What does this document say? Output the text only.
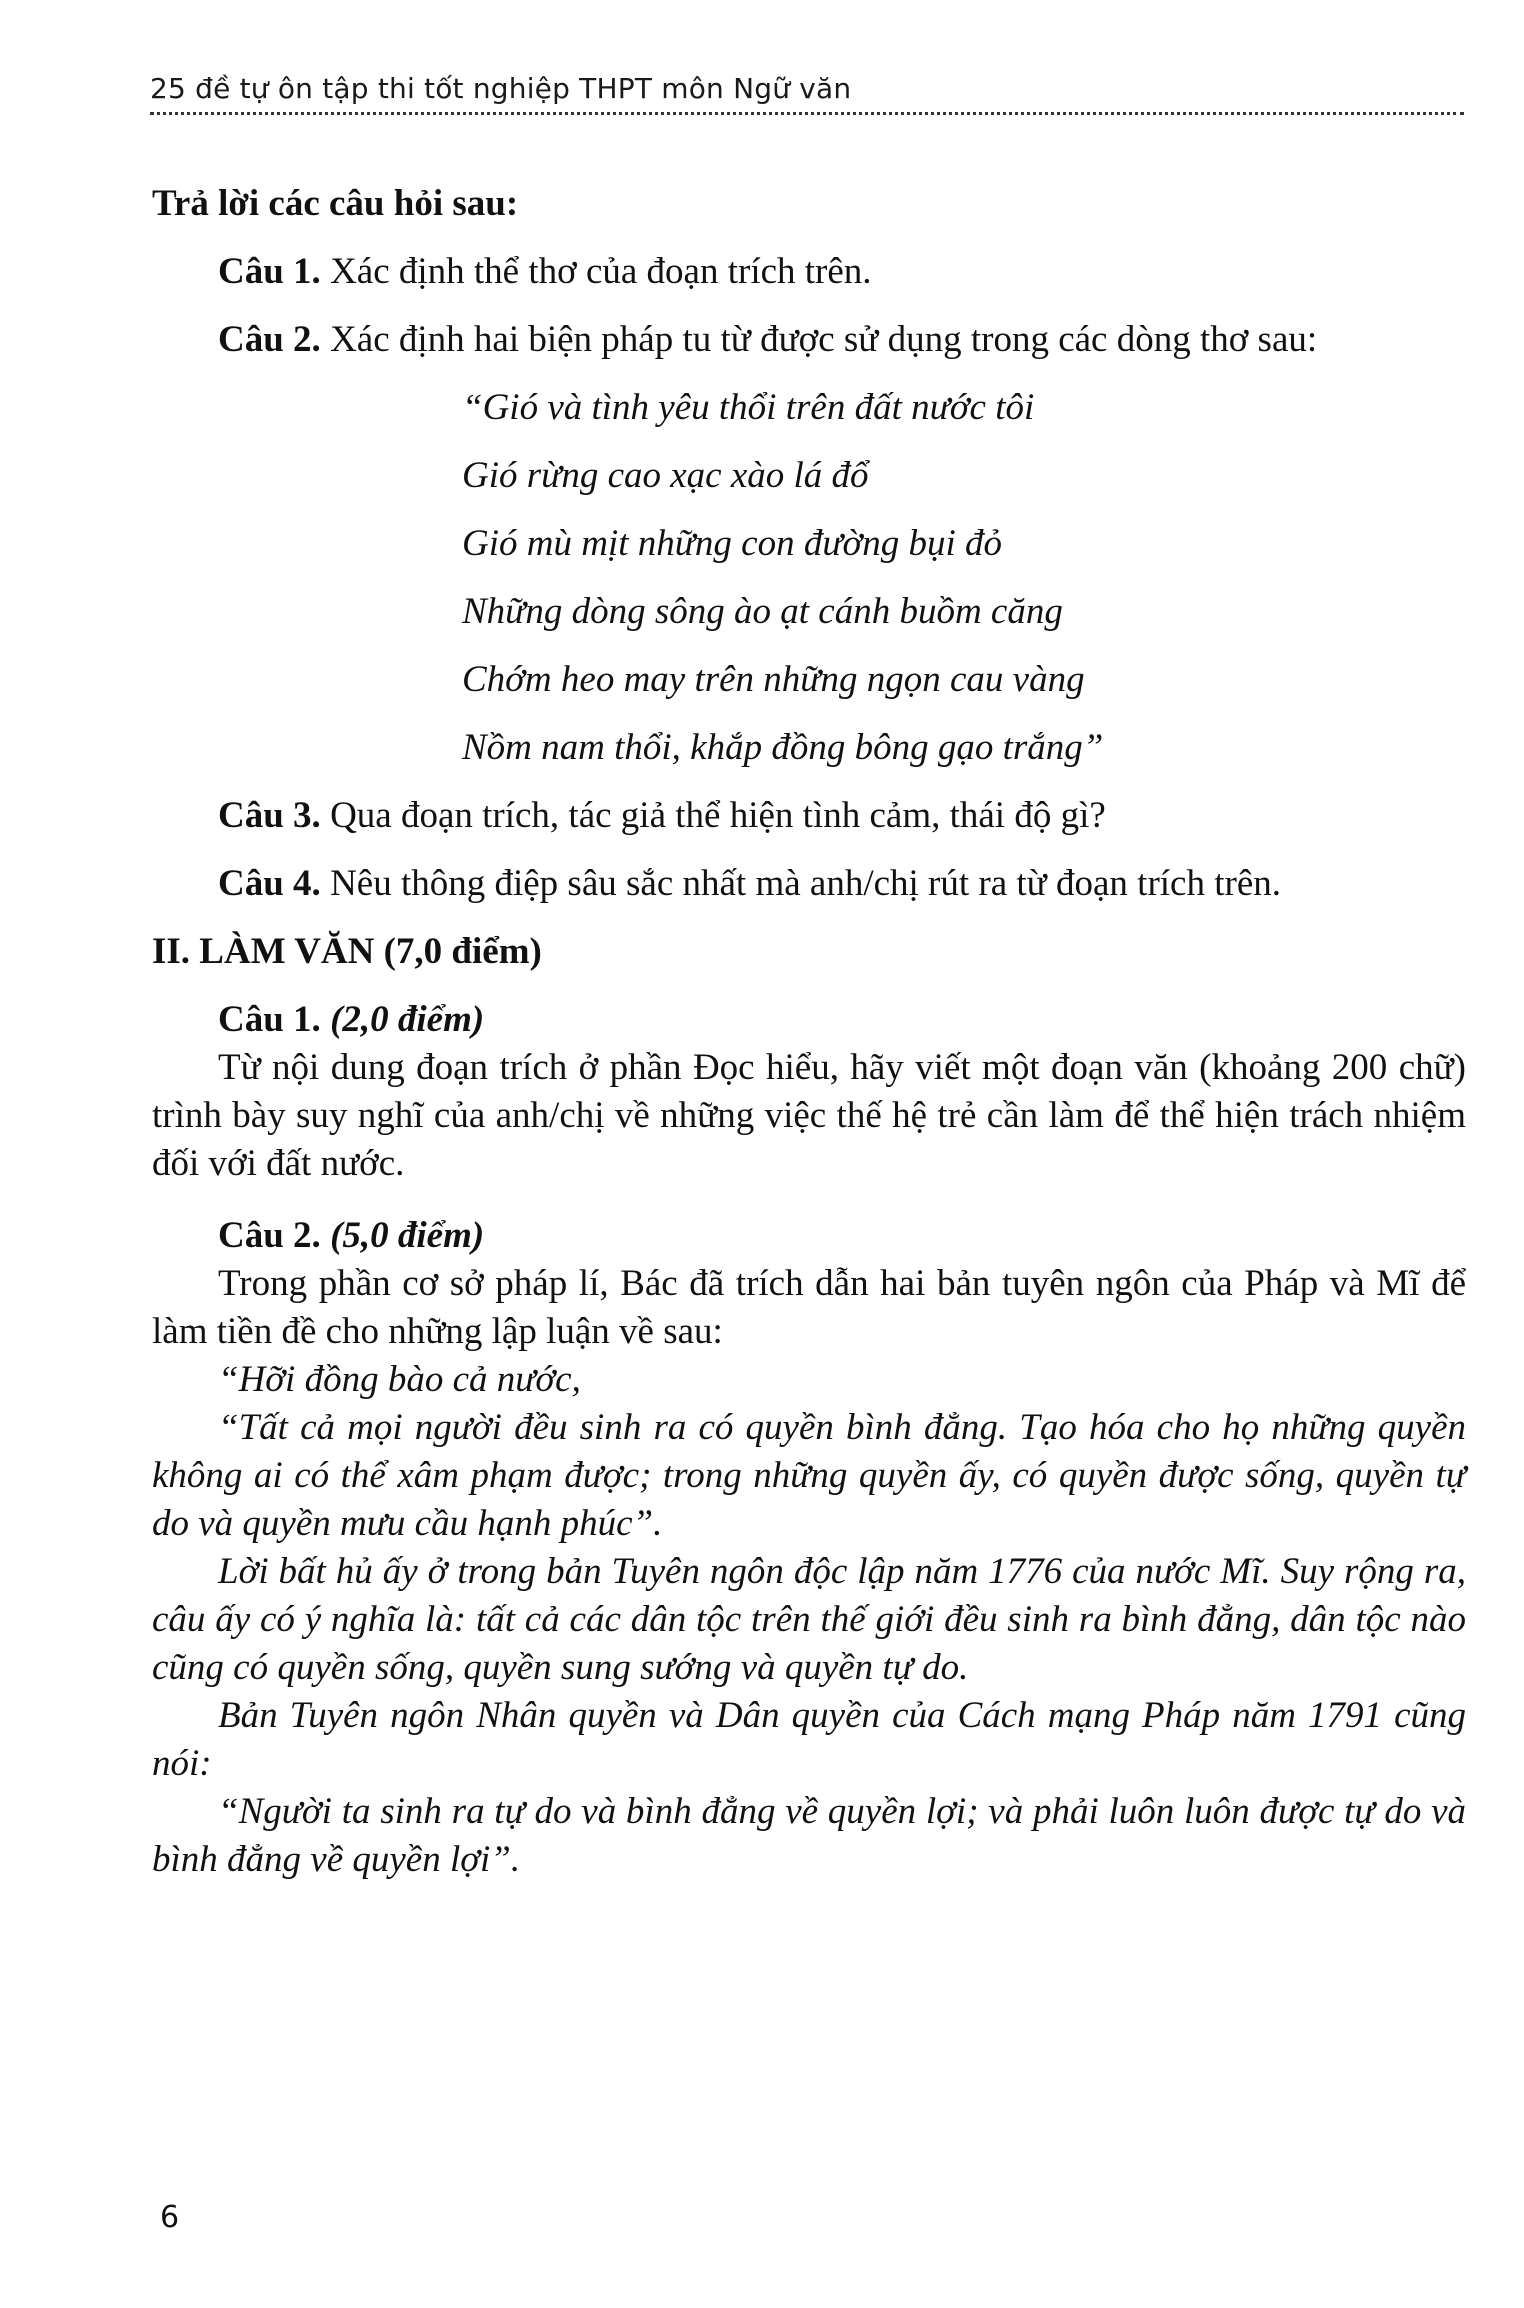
25 đề tự ôn tập thi tốt nghiệp THPT môn Ngữ văn

Trả lời các câu hỏi sau:

Câu 1. Xác định thể thơ của đoạn trích trên.

Câu 2. Xác định hai biện pháp tu từ được sử dụng trong các dòng thơ sau:

“Gió và tình yêu thổi trên đất nước tôi

Gió rừng cao xạc xào lá đổ

Gió mù mịt những con đường bụi đỏ

Những dòng sông ào ạt cánh buồm căng

Chớm heo may trên những ngọn cau vàng

Nồm nam thổi, khắp đồng bông gạo trắng”

Câu 3. Qua đoạn trích, tác giả thể hiện tình cảm, thái độ gì?

Câu 4. Nêu thông điệp sâu sắc nhất mà anh/chị rút ra từ đoạn trích trên.

II. LÀM VĂN (7,0 điểm)

Câu 1. (2,0 điểm)

Từ nội dung đoạn trích ở phần Đọc hiểu, hãy viết một đoạn văn (khoảng 200 chữ) trình bày suy nghĩ của anh/chị về những việc thế hệ trẻ cần làm để thể hiện trách nhiệm đối với đất nước.

Câu 2. (5,0 điểm)

Trong phần cơ sở pháp lí, Bác đã trích dẫn hai bản tuyên ngôn của Pháp và Mĩ để làm tiền đề cho những lập luận về sau:

“Hỡi đồng bào cả nước,

“Tất cả mọi người đều sinh ra có quyền bình đẳng. Tạo hóa cho họ những quyền không ai có thể xâm phạm được; trong những quyền ấy, có quyền được sống, quyền tự do và quyền mưu cầu hạnh phúc”.

Lời bất hủ ấy ở trong bản Tuyên ngôn độc lập năm 1776 của nước Mĩ. Suy rộng ra, câu ấy có ý nghĩa là: tất cả các dân tộc trên thế giới đều sinh ra bình đẳng, dân tộc nào cũng có quyền sống, quyền sung sướng và quyền tự do.

Bản Tuyên ngôn Nhân quyền và Dân quyền của Cách mạng Pháp năm 1791 cũng nói:

“Người ta sinh ra tự do và bình đẳng về quyền lợi; và phải luôn luôn được tự do và bình đẳng về quyền lợi”.

6
